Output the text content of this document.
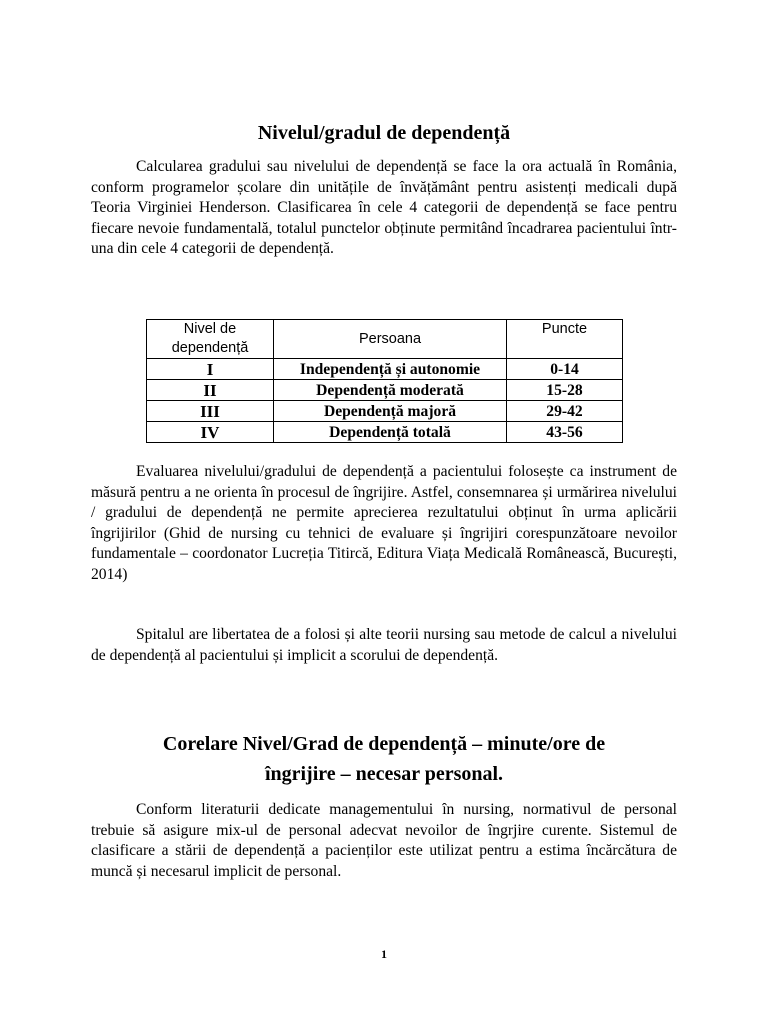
Nivelul/gradul de dependență

Calcularea gradului sau nivelului de dependență se face la ora actuală în România, conform programelor școlare din unitățile de învățământ pentru asistenți medicali după Teoria Virginiei Henderson. Clasificarea în cele 4 categorii de dependență se face pentru fiecare nevoie fundamentală, totalul punctelor obținute permitând încadrarea pacientului într-una din cele 4 categorii de dependență.

Nivel de dependență	Persoana	Puncte
I	Independență și autonomie	0-14
II	Dependență moderată	15-28
III	Dependență majoră	29-42
IV	Dependență totală	43-56

Evaluarea nivelului/gradului de dependență a pacientului folosește ca instrument de măsură pentru a ne orienta în procesul de îngrijire. Astfel, consemnarea și urmărirea nivelului / gradului de dependență ne permite aprecierea rezultatului obținut în urma aplicării îngrijirilor (Ghid de nursing cu tehnici de evaluare și îngrijiri corespunzătoare nevoilor fundamentale – coordonator Lucreția Titircă, Editura Viața Medicală Românească, București, 2014)

Spitalul are libertatea de a folosi și alte teorii nursing sau metode de calcul a nivelului de dependență al pacientului și implicit a scorului de dependență.

Corelare Nivel/Grad de dependență – minute/ore de
îngrijire – necesar personal.

Conform literaturii dedicate managementului în nursing, normativul de personal trebuie să asigure mix-ul de personal adecvat nevoilor de îngrjire curente. Sistemul de clasificare a stării de dependență a pacienților este utilizat pentru a estima încărcătura de muncă și necesarul implicit de personal.

1
